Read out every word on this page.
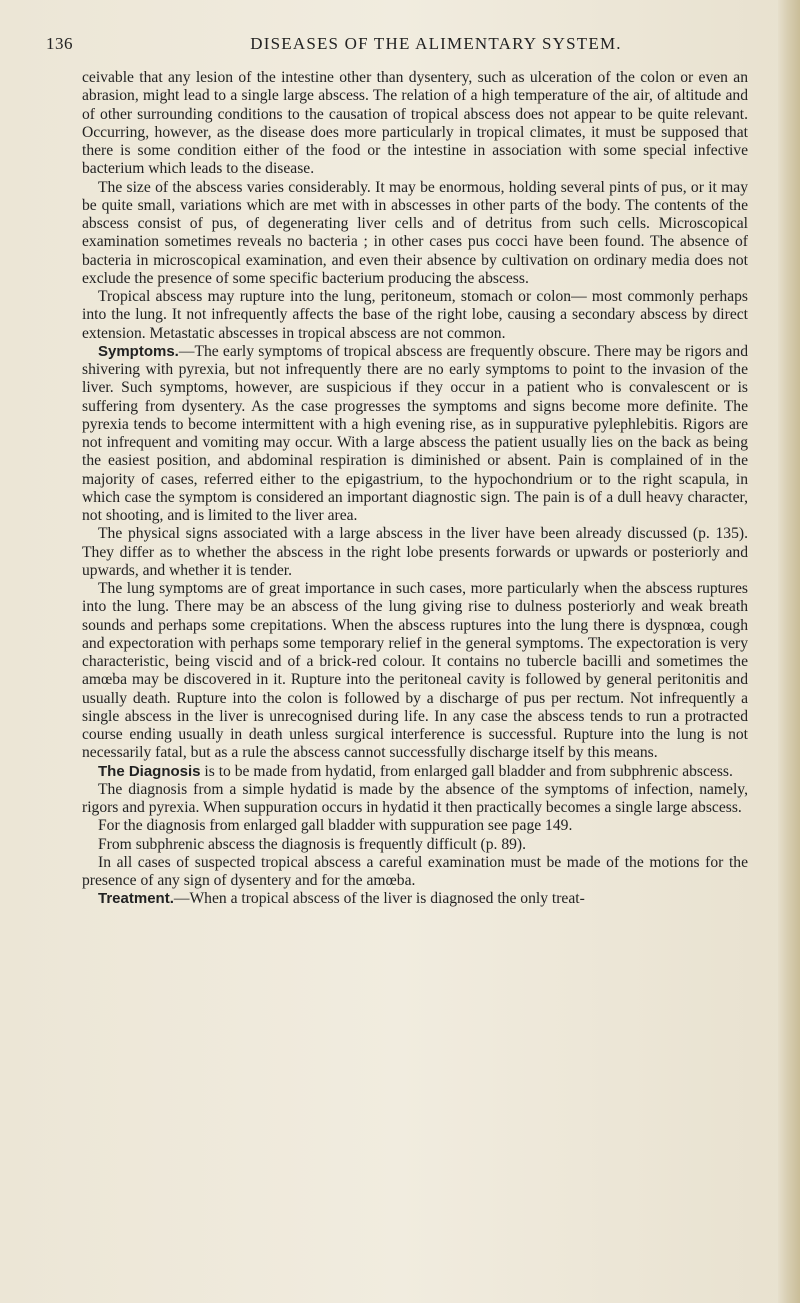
136	DISEASES OF THE ALIMENTARY SYSTEM.

ceivable that any lesion of the intestine other than dysentery, such as ulceration of the colon or even an abrasion, might lead to a single large abscess. The relation of a high temperature of the air, of altitude and of other surrounding conditions to the causation of tropical abscess does not appear to be quite relevant. Occurring, however, as the disease does more particularly in tropical climates, it must be supposed that there is some condition either of the food or the intestine in association with some special infective bacterium which leads to the disease.

The size of the abscess varies considerably. It may be enormous, holding several pints of pus, or it may be quite small, variations which are met with in abscesses in other parts of the body. The contents of the abscess consist of pus, of degenerating liver cells and of detritus from such cells. Microscopical examination sometimes reveals no bacteria ; in other cases pus cocci have been found. The absence of bacteria in microscopical examination, and even their absence by cultivation on ordinary media does not exclude the presence of some specific bacterium producing the abscess.

Tropical abscess may rupture into the lung, peritoneum, stomach or colon— most commonly perhaps into the lung. It not infrequently affects the base of the right lobe, causing a secondary abscess by direct extension. Metastatic abscesses in tropical abscess are not common.

Symptoms.—The early symptoms of tropical abscess are frequently obscure. There may be rigors and shivering with pyrexia, but not infrequently there are no early symptoms to point to the invasion of the liver. Such symptoms, however, are suspicious if they occur in a patient who is convalescent or is suffering from dysentery. As the case progresses the symptoms and signs become more definite. The pyrexia tends to become intermittent with a high evening rise, as in suppurative pylephlebitis. Rigors are not infrequent and vomiting may occur. With a large abscess the patient usually lies on the back as being the easiest position, and abdominal respiration is diminished or absent. Pain is complained of in the majority of cases, referred either to the epigastrium, to the hypochondrium or to the right scapula, in which case the symptom is considered an important diagnostic sign. The pain is of a dull heavy character, not shooting, and is limited to the liver area.

The physical signs associated with a large abscess in the liver have been already discussed (p. 135). They differ as to whether the abscess in the right lobe presents forwards or upwards or posteriorly and upwards, and whether it is tender.

The lung symptoms are of great importance in such cases, more particularly when the abscess ruptures into the lung. There may be an abscess of the lung giving rise to dulness posteriorly and weak breath sounds and perhaps some crepitations. When the abscess ruptures into the lung there is dyspnœa, cough and expectoration with perhaps some temporary relief in the general symptoms. The expectoration is very characteristic, being viscid and of a brick-red colour. It contains no tubercle bacilli and sometimes the amœba may be discovered in it. Rupture into the peritoneal cavity is followed by general peritonitis and usually death. Rupture into the colon is followed by a discharge of pus per rectum. Not infrequently a single abscess in the liver is unrecognised during life. In any case the abscess tends to run a protracted course ending usually in death unless surgical interference is successful. Rupture into the lung is not necessarily fatal, but as a rule the abscess cannot successfully discharge itself by this means.

The Diagnosis is to be made from hydatid, from enlarged gall bladder and from subphrenic abscess.

The diagnosis from a simple hydatid is made by the absence of the symptoms of infection, namely, rigors and pyrexia. When suppuration occurs in hydatid it then practically becomes a single large abscess.

For the diagnosis from enlarged gall bladder with suppuration see page 149.

From subphrenic abscess the diagnosis is frequently difficult (p. 89).

In all cases of suspected tropical abscess a careful examination must be made of the motions for the presence of any sign of dysentery and for the amœba.

Treatment.—When a tropical abscess of the liver is diagnosed the only treat-
